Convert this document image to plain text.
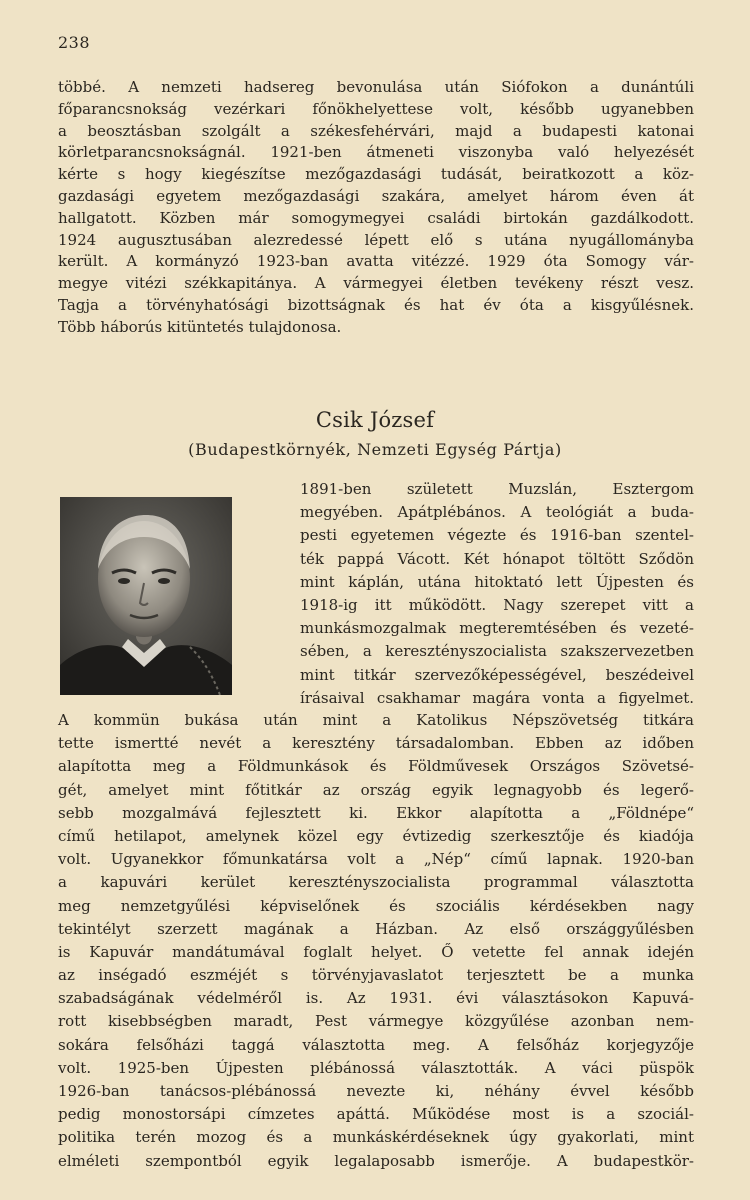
238

többé. A nemzeti hadsereg bevonulása után Siófokon a dunántúli
főparancsnokság vezérkari főnökhelyettese volt, később ugyanebben
a beosztásban szolgált a székesfehérvári, majd a budapesti katonai
körletparancsnokságnál. 1921-ben átmeneti viszonyba való helyezését
kérte s hogy kiegészítse mezőgazdasági tudását, beiratkozott a köz-
gazdasági egyetem mezőgazdasági szakára, amelyet három éven át
hallgatott. Közben már somogymegyei családi birtokán gazdálkodott.
1924 augusztusában alezredessé lépett elő s utána nyugállományba
került. A kormányzó 1923-ban avatta vitézzé. 1929 óta Somogy vár-
megye vitézi székkapitánya. A vármegyei életben tevékeny részt vesz.
Tagja a törvényhatósági bizottságnak és hat év óta a kisgyűlésnek.
Több háborús kitüntetés tulajdonosa.

Csik József
(Budapestkörnyék, Nemzeti Egység Pártja)

1891-ben született Muzslán, Esztergom
megyében. Apátplébános. A teológiát a buda-
pesti egyetemen végezte és 1916-ban szentel-
ték pappá Vácott. Két hónapot töltött Sződön
mint káplán, utána hitoktató lett Újpesten és
1918-ig itt működött. Nagy szerepet vitt a
munkásmozgalmak megteremtésében és vezeté-
sében, a keresztényszocialista szakszervezetben
mint titkár szervezőképességével, beszédeivel
írásaival csakhamar magára vonta a figyelmet.

A kommün bukása után mint a Katolikus Népszövetség titkára
tette ismertté nevét a keresztény társadalomban. Ebben az időben
alapította meg a Földmunkások és Földművesek Országos Szövetsé-
gét, amelyet mint főtitkár az ország egyik legnagyobb és legerő-
sebb mozgalmává fejlesztett ki. Ekkor alapította a „Földnépe“
című hetilapot, amelynek közel egy évtizedig szerkesztője és kiadója
volt. Ugyanekkor főmunkatársa volt a „Nép“ című lapnak. 1920-ban
a kapuvári kerület keresztényszocialista programmal választotta
meg nemzetgyűlési képviselőnek és szociális kérdésekben nagy
tekintélyt szerzett magának a Házban. Az első országgyűlésben
is Kapuvár mandátumával foglalt helyet. Ő vetette fel annak idején
az inségadó eszméjét s törvényjavaslatot terjesztett be a munka
szabadságának védelméről is. Az 1931. évi választásokon Kapuvá-
rott kisebbségben maradt, Pest vármegye közgyűlése azonban nem-
sokára felsőházi taggá választotta meg. A felsőház korjegyzője
volt. 1925-ben Újpesten plébánossá választották. A váci püspök
1926-ban tanácsos-plébánossá nevezte ki, néhány évvel később
pedig monostorsápi címzetes apáttá. Működése most is a szociál-
politika terén mozog és a munkáskérdéseknek úgy gyakorlati, mint
elméleti szempontból egyik legalaposabb ismerője. A budapestkör-
